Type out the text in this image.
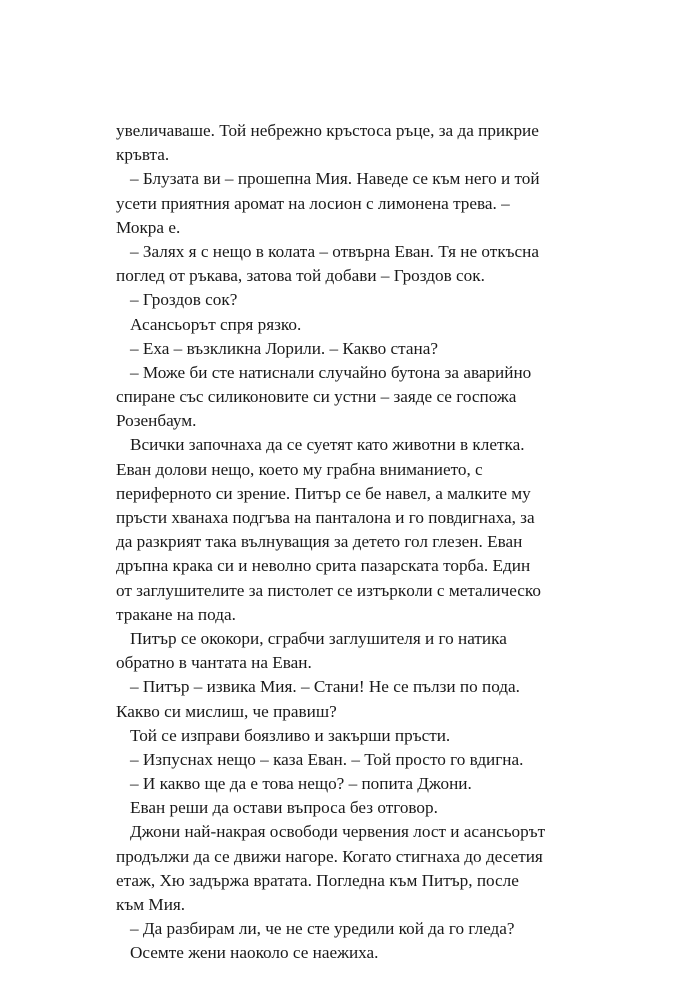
увеличаваше. Той небрежно кръстоса ръце, за да прикрие
кръвта.
– Блузата ви – прошепна Мия. Наведе се към него и той
усети приятния аромат на лосион с лимонена трева. –
Мокра е.
– Залях я с нещо в колата – отвърна Еван. Тя не откъсна
поглед от ръкава, затова той добави – Гроздов сок.
– Гроздов сок?
Асансьорът спря рязко.
– Еха – възкликна Лорили. – Какво стана?
– Може би сте натиснали случайно бутона за аварийно
спиране със силиконовите си устни – заяде се госпожа
Розенбаум.
Всички започнаха да се суетят като животни в клетка.
Еван долови нещо, което му грабна вниманието, с
периферното си зрение. Питър се бе навел, а малките му
пръсти хванаха подгъва на панталона и го повдигнаха, за
да разкрият така вълнуващия за детето гол глезен. Еван
дръпна крака си и неволно срита пазарската торба. Един
от заглушителите за пистолет се изтъркoли с металическо
тракане на пода.
Питър се ококори, сграбчи заглушителя и го натика
обратно в чантата на Еван.
– Питър – извика Мия. – Стани! Не се пълзи по пода.
Какво си мислиш, че правиш?
Той се изправи боязливо и закърши пръсти.
– Изпуснах нещо – каза Еван. – Той просто го вдигна.
– И какво ще да е това нещо? – попита Джони.
Еван реши да остави въпроса без отговор.
Джони най-накрая освободи червения лост и асансьорът
продължи да се движи нагоре. Когато стигнаха до десетия
етаж, Хю задържа вратата. Погледна към Питър, после
към Мия.
– Да разбирам ли, че не сте уредили кой да го гледа?
Осемте жени наоколо се наежиха.
